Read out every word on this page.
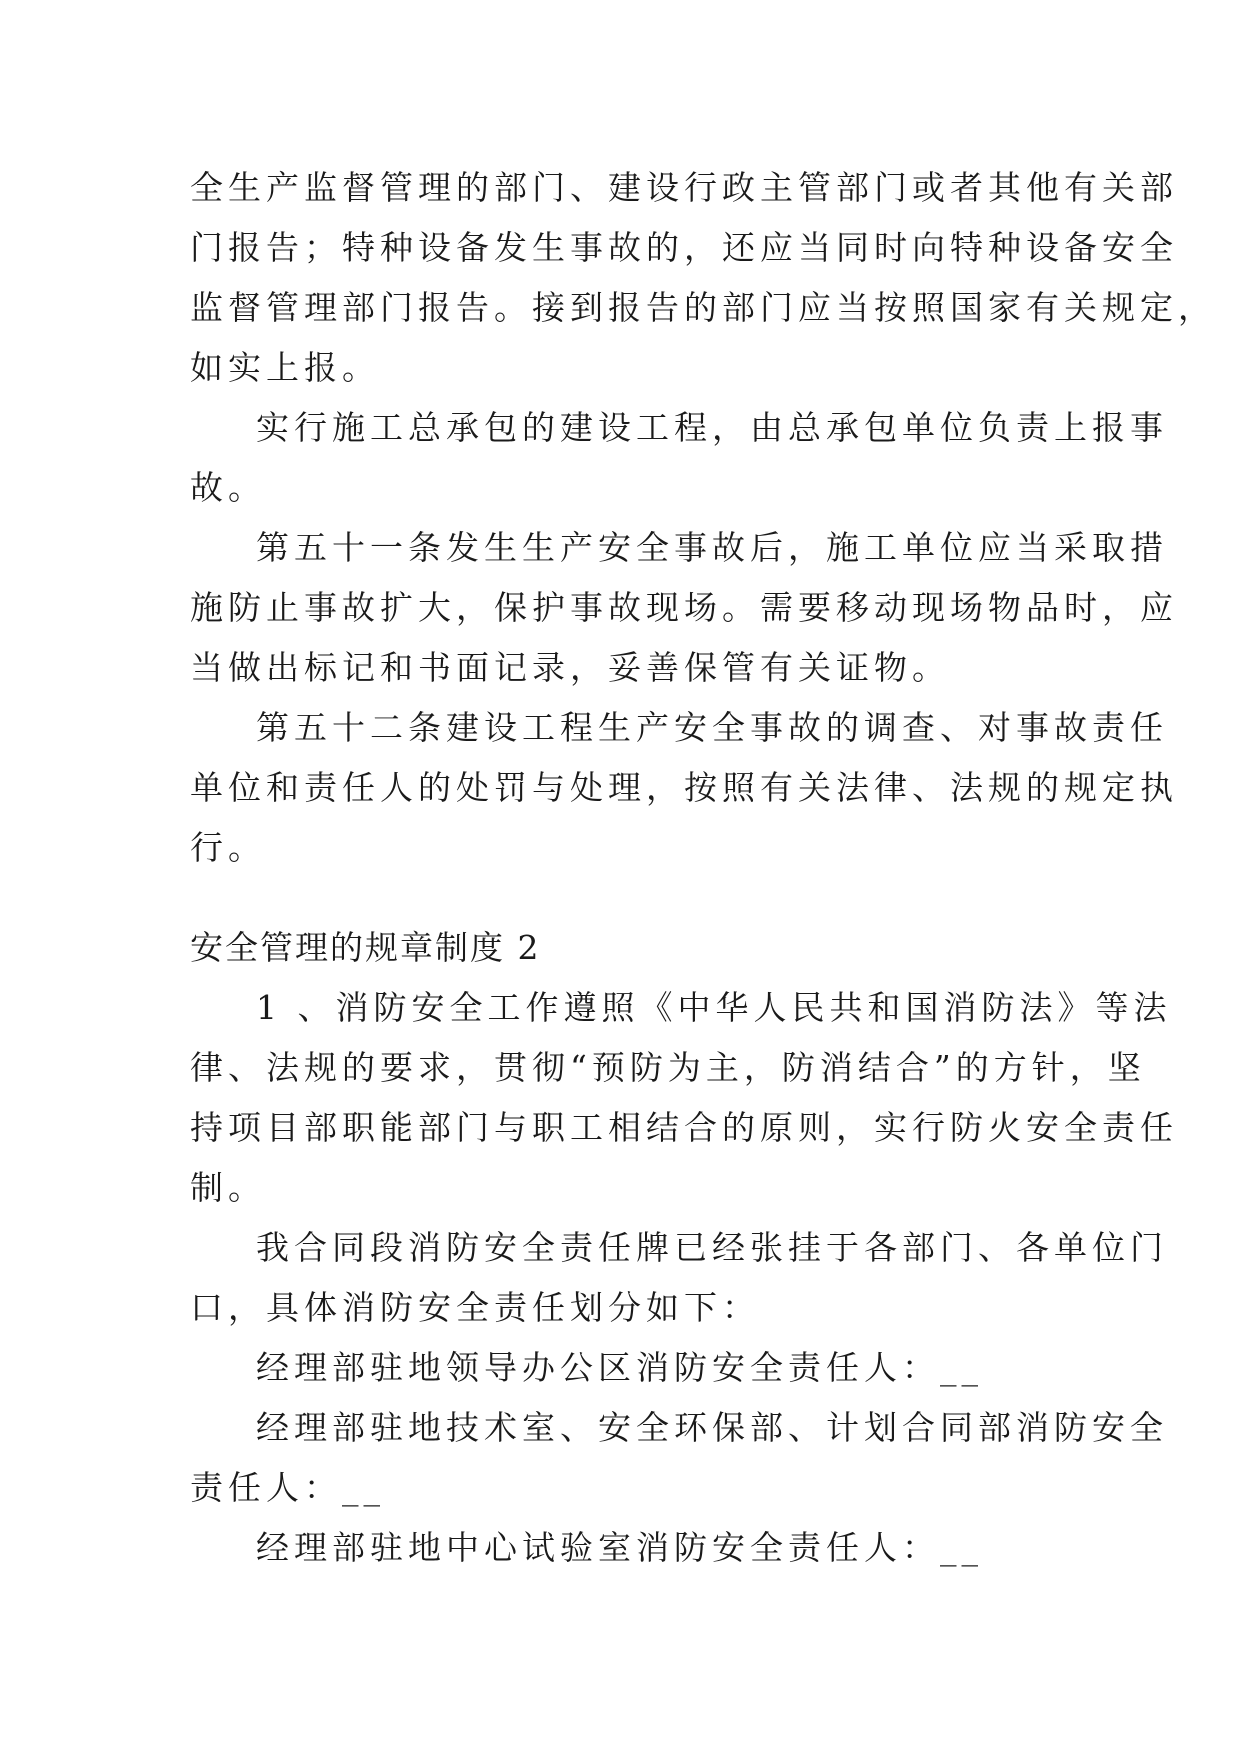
全生产监督管理的部门、建设行政主管部门或者其他有关部
门报告；特种设备发生事故的，还应当同时向特种设备安全
监督管理部门报告。接到报告的部门应当按照国家有关规定，
如实上报。
实行施工总承包的建设工程，由总承包单位负责上报事
故。
第五十一条发生生产安全事故后，施工单位应当采取措
施防止事故扩大，保护事故现场。需要移动现场物品时，应
当做出标记和书面记录，妥善保管有关证物。
第五十二条建设工程生产安全事故的调查、对事故责任
单位和责任人的处罚与处理，按照有关法律、法规的规定执
行。
安全管理的规章制度 2
1 、消防安全工作遵照《中华人民共和国消防法》等法
律、法规的要求，贯彻“预防为主，防消结合”的方针，坚
持项目部职能部门与职工相结合的原则，实行防火安全责任
制。
我合同段消防安全责任牌已经张挂于各部门、各单位门
口，具体消防安全责任划分如下：
经理部驻地领导办公区消防安全责任人：__
经理部驻地技术室、安全环保部、计划合同部消防安全
责任人：__
经理部驻地中心试验室消防安全责任人：__
